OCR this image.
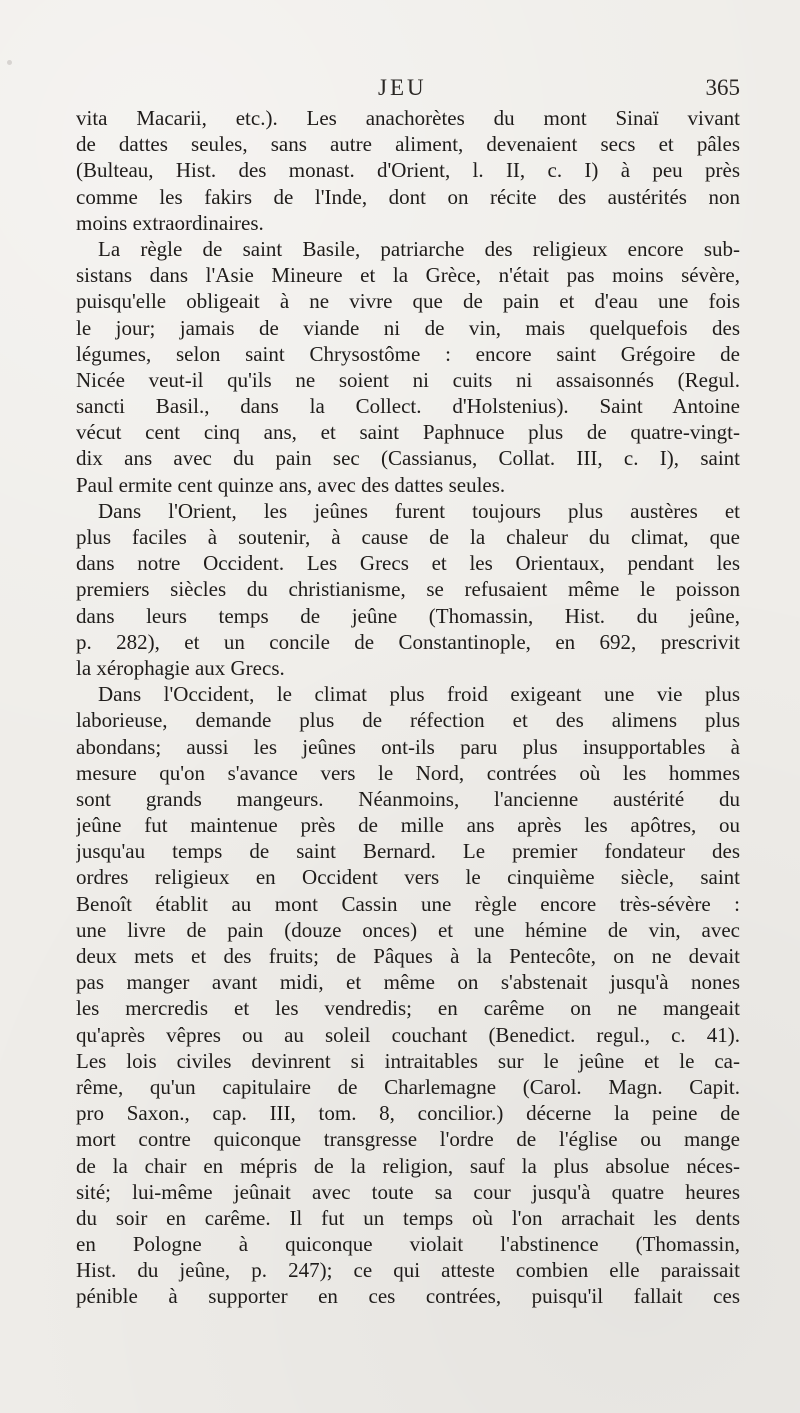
JEU	365
vita Macarii, etc.). Les anachorètes du mont Sinaï vivant
de dattes seules, sans autre aliment, devenaient secs et pâles
(Bulteau, Hist. des monast. d'Orient, l. II, c. I) à peu près
comme les fakirs de l'Inde, dont on récite des austérités non
moins extraordinaires.
La règle de saint Basile, patriarche des religieux encore sub-
sistans dans l'Asie Mineure et la Grèce, n'était pas moins sévère,
puisqu'elle obligeait à ne vivre que de pain et d'eau une fois
le jour; jamais de viande ni de vin, mais quelquefois des
légumes, selon saint Chrysostôme : encore saint Grégoire de
Nicée veut-il qu'ils ne soient ni cuits ni assaisonnés (Regul.
sancti Basil., dans la Collect. d'Holstenius). Saint Antoine
vécut cent cinq ans, et saint Paphnuce plus de quatre-vingt-
dix ans avec du pain sec (Cassianus, Collat. III, c. I), saint
Paul ermite cent quinze ans, avec des dattes seules.
Dans l'Orient, les jeûnes furent toujours plus austères et
plus faciles à soutenir, à cause de la chaleur du climat, que
dans notre Occident. Les Grecs et les Orientaux, pendant les
premiers siècles du christianisme, se refusaient même le poisson
dans leurs temps de jeûne (Thomassin, Hist. du jeûne,
p. 282), et un concile de Constantinople, en 692, prescrivit
la xérophagie aux Grecs.
Dans l'Occident, le climat plus froid exigeant une vie plus
laborieuse, demande plus de réfection et des alimens plus
abondans; aussi les jeûnes ont-ils paru plus insupportables à
mesure qu'on s'avance vers le Nord, contrées où les hommes
sont grands mangeurs. Néanmoins, l'ancienne austérité du
jeûne fut maintenue près de mille ans après les apôtres, ou
jusqu'au temps de saint Bernard. Le premier fondateur des
ordres religieux en Occident vers le cinquième siècle, saint
Benoît établit au mont Cassin une règle encore très-sévère :
une livre de pain (douze onces) et une hémine de vin, avec
deux mets et des fruits; de Pâques à la Pentecôte, on ne devait
pas manger avant midi, et même on s'abstenait jusqu'à nones
les mercredis et les vendredis; en carême on ne mangeait
qu'après vêpres ou au soleil couchant (Benedict. regul., c. 41).
Les lois civiles devinrent si intraitables sur le jeûne et le ca-
rême, qu'un capitulaire de Charlemagne (Carol. Magn. Capit.
pro Saxon., cap. III, tom. 8, concilior.) décerne la peine de
mort contre quiconque transgresse l'ordre de l'église ou mange
de la chair en mépris de la religion, sauf la plus absolue néces-
sité; lui-même jeûnait avec toute sa cour jusqu'à quatre heures
du soir en carême. Il fut un temps où l'on arrachait les dents
en Pologne à quiconque violait l'abstinence (Thomassin,
Hist. du jeûne, p. 247); ce qui atteste combien elle paraissait
pénible à supporter en ces contrées, puisqu'il fallait ces
